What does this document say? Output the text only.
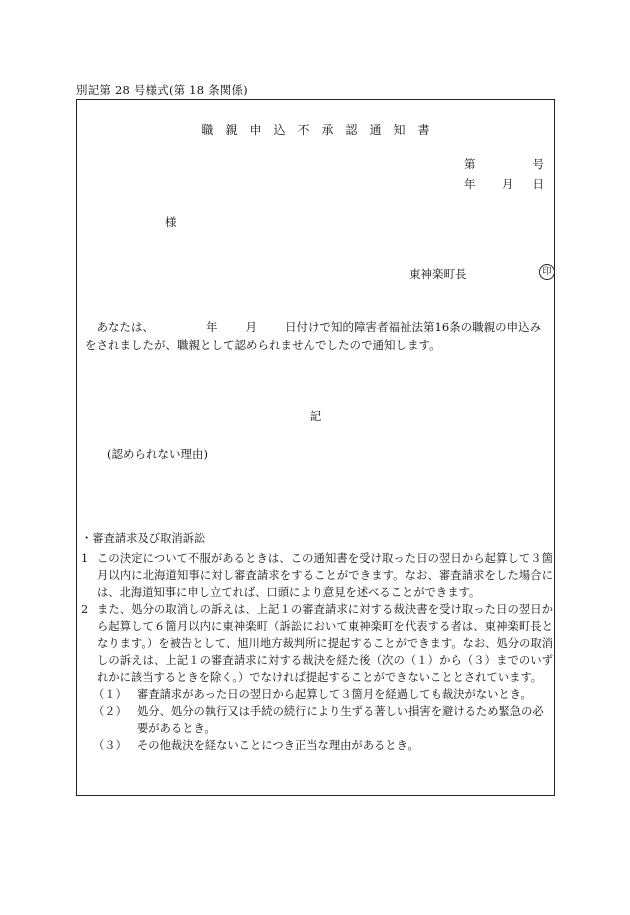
別記第 28 号様式(第 18 条関係)
職 親 申 込 不 承 認 通 知 書
第	号
年 月 日
様
東神楽町長	印
 あなたは、	年 月 日付けで知的障害者福祉法第16条の職親の申込みをされましたが、職親として認められませんでしたので通知します。
記
(認められない理由)
・審査請求及び取消訴訟
1 この決定について不服があるときは、この通知書を受け取った日の翌日から起算して３箇月以内に北海道知事に対し審査請求をすることができます。なお、審査請求をした場合には、北海道知事に申し立てれば、口頭により意見を述べることができます。
2 また、処分の取消しの訴えは、上記１の審査請求に対する裁決書を受け取った日の翌日から起算して６箇月以内に東神楽町（訴訟において東神楽町を代表する者は、東神楽町長となります。）を被告として、旭川地方裁判所に提起することができます。なお、処分の取消しの訴えは、上記１の審査請求に対する裁決を経た後（次の（１）から（３）までのいずれかに該当するときを除く。）でなければ提起することができないこととされています。
（１） 審査請求があった日の翌日から起算して３箇月を経過しても裁決がないとき。
（２） 処分、処分の執行又は手続の続行により生ずる著しい損害を避けるため緊急の必要があるとき。
（３） その他裁決を経ないことにつき正当な理由があるとき。
